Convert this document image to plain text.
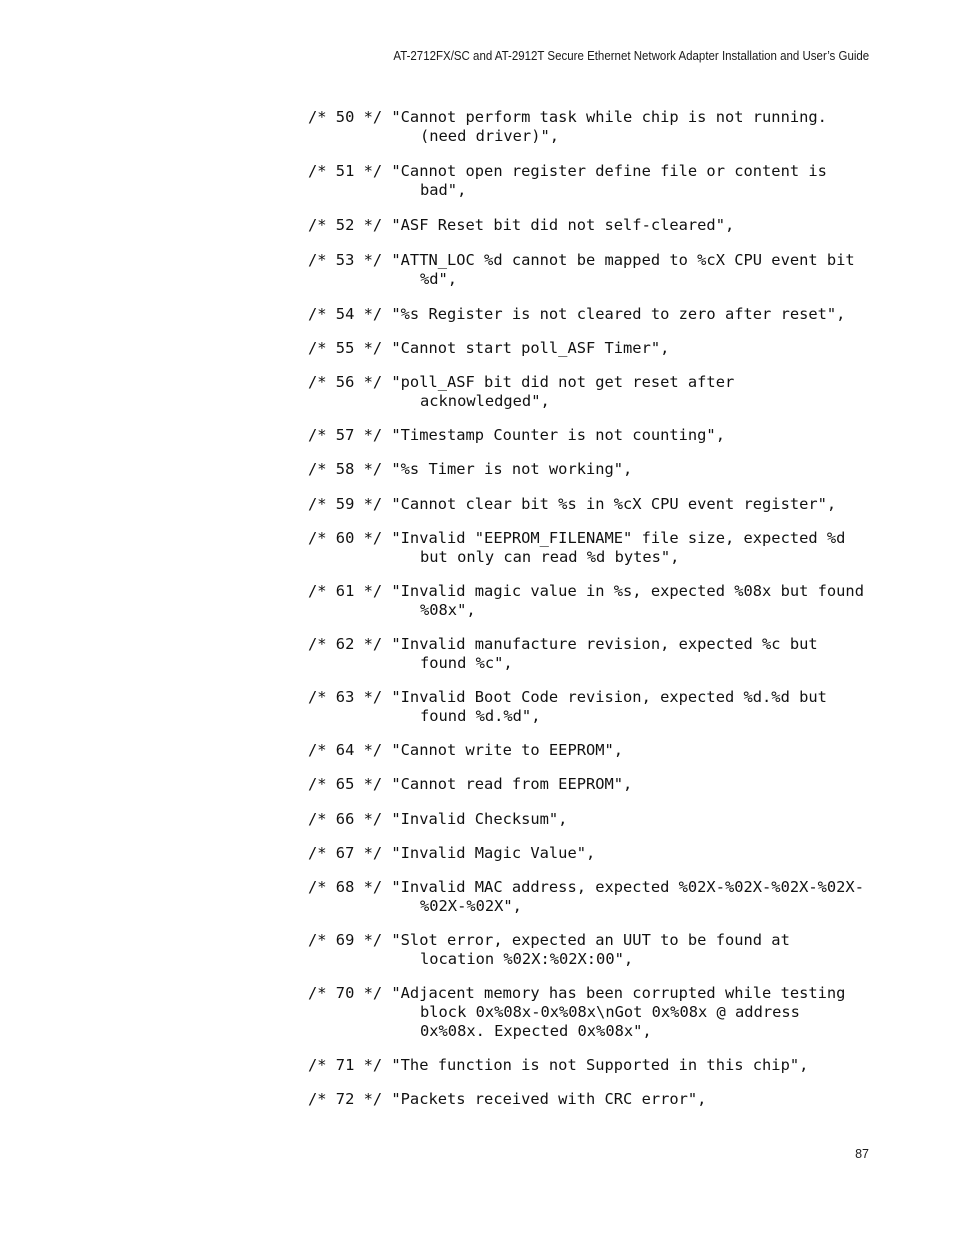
AT-2712FX/SC and AT-2912T Secure Ethernet Network Adapter Installation and User’s Guide
/* 50 */ "Cannot perform task while chip is not running.
(need driver)",
/* 51 */ "Cannot open register define file or content is
bad",
/* 52 */ "ASF Reset bit did not self-cleared",
/* 53 */ "ATTN_LOC %d cannot be mapped to %cX CPU event bit
%d",
/* 54 */ "%s Register is not cleared to zero after reset",
/* 55 */ "Cannot start poll_ASF Timer",
/* 56 */ "poll_ASF bit did not get reset after
acknowledged",
/* 57 */ "Timestamp Counter is not counting",
/* 58 */ "%s Timer is not working",
/* 59 */ "Cannot clear bit %s in %cX CPU event register",
/* 60 */ "Invalid "EEPROM_FILENAME" file size, expected %d
but only can read %d bytes",
/* 61 */ "Invalid magic value in %s, expected %08x but found
%08x",
/* 62 */ "Invalid manufacture revision, expected %c but
found %c",
/* 63 */ "Invalid Boot Code revision, expected %d.%d but
found %d.%d",
/* 64 */ "Cannot write to EEPROM",
/* 65 */ "Cannot read from EEPROM",
/* 66 */ "Invalid Checksum",
/* 67 */ "Invalid Magic Value",
/* 68 */ "Invalid MAC address, expected %02X-%02X-%02X-%02X-
%02X-%02X",
/* 69 */ "Slot error, expected an UUT to be found at
location %02X:%02X:00",
/* 70 */ "Adjacent memory has been corrupted while testing
block 0x%08x-0x%08x\nGot 0x%08x @ address
0x%08x. Expected 0x%08x",
/* 71 */ "The function is not Supported in this chip",
/* 72 */ "Packets received with CRC error",
87
